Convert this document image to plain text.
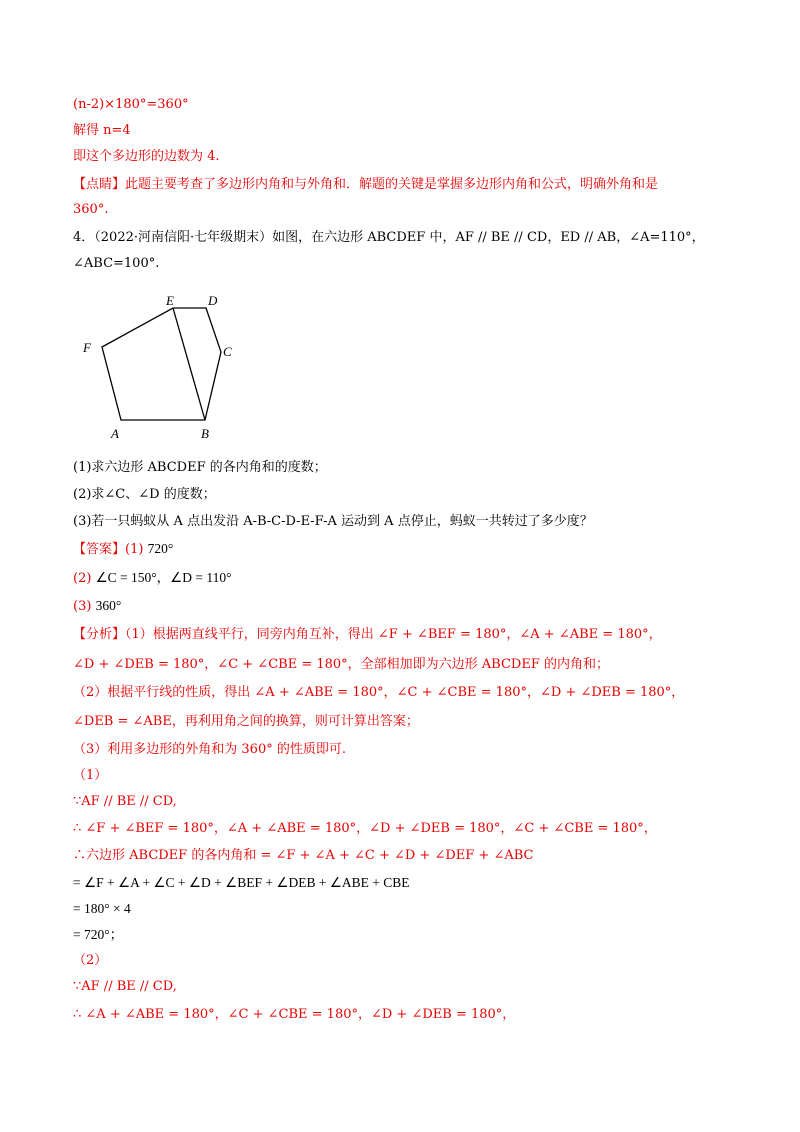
(n-2)×180°=360°
解得 n=4
即这个多边形的边数为 4.
【点睛】此题主要考查了多边形内角和与外角和．解题的关键是掌握多边形内角和公式，明确外角和是
360°.
4．（2022·河南信阳·七年级期末）如图，在六边形 ABCDEF 中，AF // BE // CD，ED // AB，∠A=110°，
∠ABC=100°.
A	B
C
D
E
F
(1)求六边形 ABCDEF 的各内角和的度数；
(2)求∠C、∠D 的度数；
(3)若一只蚂蚁从 A 点出发沿 A-B-C-D-E-F-A 运动到 A 点停止，蚂蚁一共转过了多少度？
【答案】(1) 720°
(2) ∠C = 150°，∠D = 110°
(3) 360°
【分析】（1）根据两直线平行，同旁内角互补，得出 ∠F + ∠BEF = 180°，∠A + ∠ABE = 180°，
∠D + ∠DEB = 180°，∠C + ∠CBE = 180°，全部相加即为六边形 ABCDEF 的内角和；
（2）根据平行线的性质，得出 ∠A + ∠ABE = 180°，∠C + ∠CBE = 180°，∠D + ∠DEB = 180°，
∠DEB = ∠ABE，再利用角之间的换算，则可计算出答案；
（3）利用多边形的外角和为 360° 的性质即可.
（1）
∵AF // BE // CD,
∴ ∠F + ∠BEF = 180°，∠A + ∠ABE = 180°，∠D + ∠DEB = 180°，∠C + ∠CBE = 180°，
∴六边形 ABCDEF 的各内角和 = ∠F + ∠A + ∠C + ∠D + ∠DEF + ∠ABC
= ∠F + ∠A + ∠C + ∠D + ∠BEF + ∠DEB + ∠ABE + CBE
= 180° × 4
= 720°；
（2）
∵AF // BE // CD,
∴ ∠A + ∠ABE = 180°，∠C + ∠CBE = 180°，∠D + ∠DEB = 180°，
